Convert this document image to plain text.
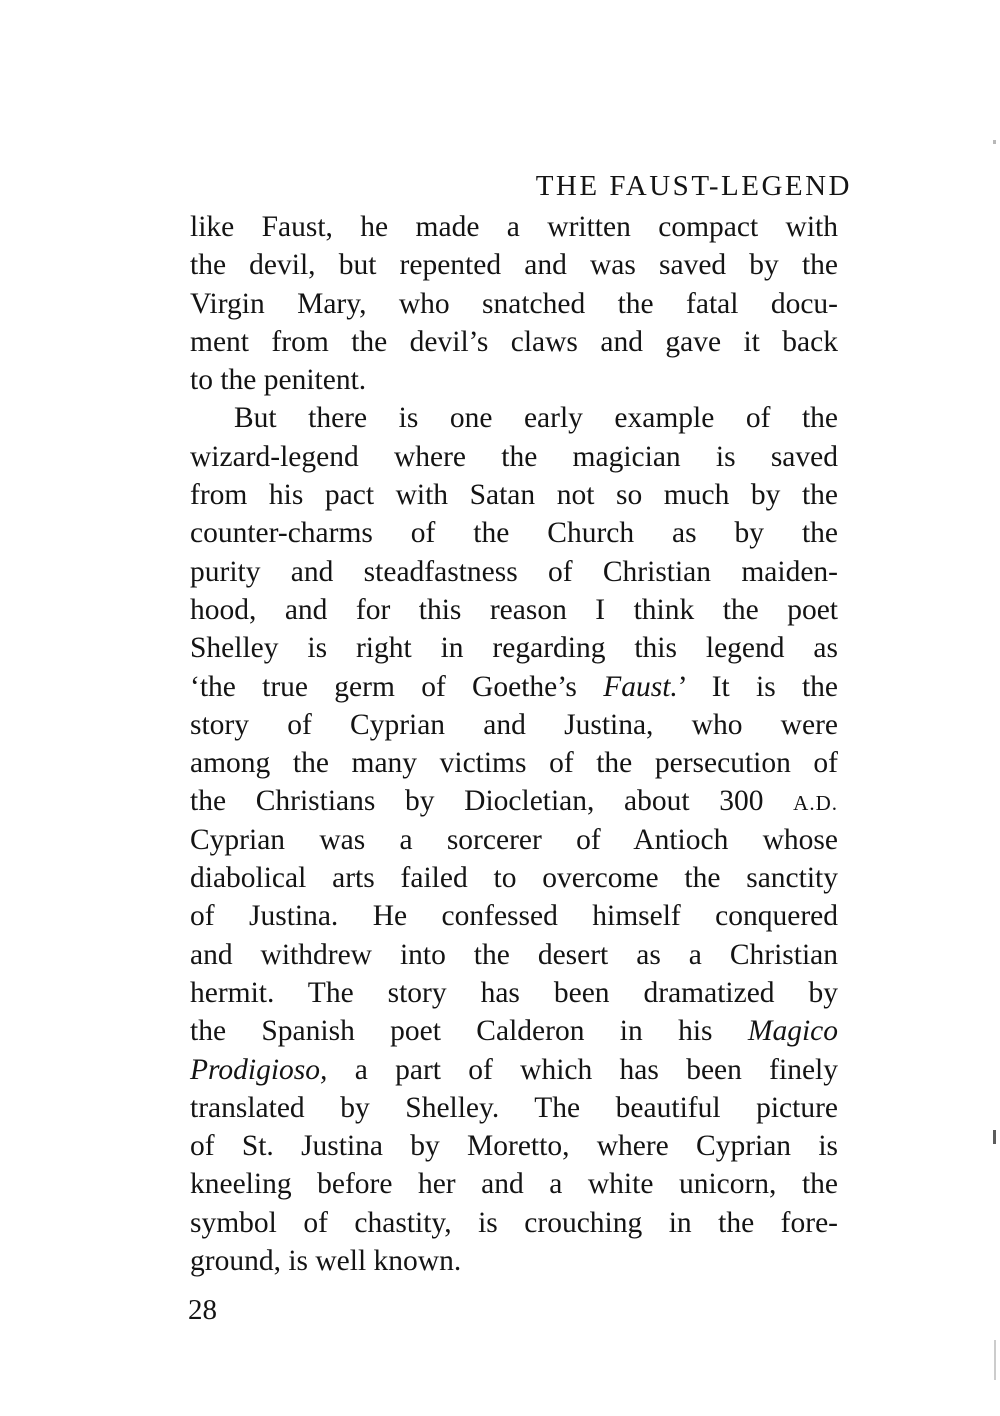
THE FAUST-LEGEND
like Faust, he made a written compact with
the devil, but repented and was saved by the
Virgin Mary, who snatched the fatal docu-
ment from the devil’s claws and gave it back
to the penitent.
But there is one early example of the
wizard-legend where the magician is saved
from his pact with Satan not so much by the
counter-charms of the Church as by the
purity and steadfastness of Christian maiden-
hood, and for this reason I think the poet
Shelley is right in regarding this legend as
‘the true germ of Goethe’s Faust.’ It is the
story of Cyprian and Justina, who were
among the many victims of the persecution of
the Christians by Diocletian, about 300 A.D.
Cyprian was a sorcerer of Antioch whose
diabolical arts failed to overcome the sanctity
of Justina. He confessed himself conquered
and withdrew into the desert as a Christian
hermit. The story has been dramatized by
the Spanish poet Calderon in his Magico
Prodigioso, a part of which has been finely
translated by Shelley. The beautiful picture
of St. Justina by Moretto, where Cyprian is
kneeling before her and a white unicorn, the
symbol of chastity, is crouching in the fore-
ground, is well known.
28
